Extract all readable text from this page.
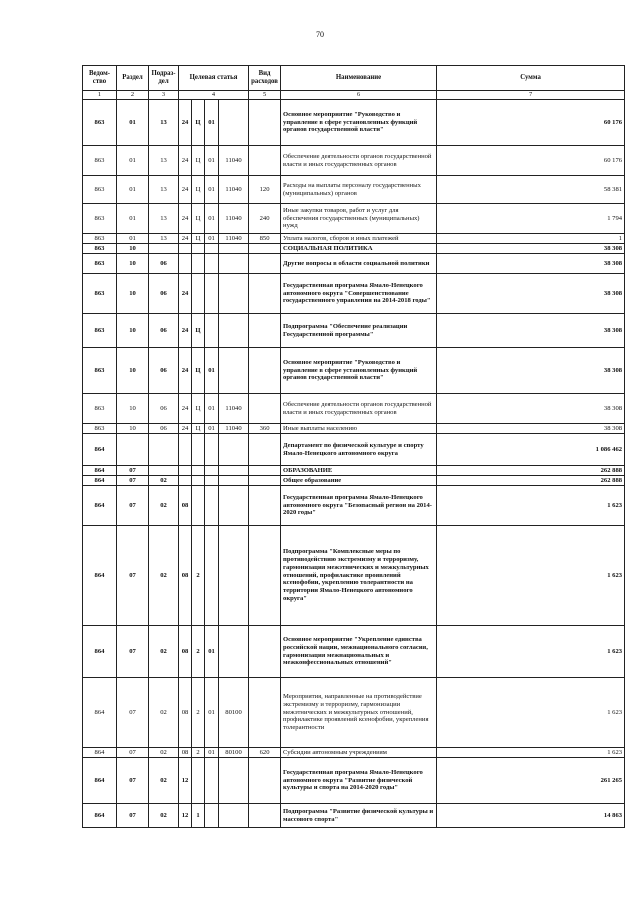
70
Ведом-ство	Раздел	Подраз-дел	Целевая статья				Вид расходов	Наименование	Сумма
1	2	3	4				5	6	7
863	01	13	24	Ц	01			Основное мероприятие "Руководство и управление в сфере установленных функций органов государственной власти"	60 176
863	01	13	24	Ц	01	11040		Обеспечение деятельности органов государственной власти и иных государственных органов	60 176
863	01	13	24	Ц	01	11040	120	Расходы на выплаты персоналу государственных (муниципальных) органов	58 381
863	01	13	24	Ц	01	11040	240	Иные закупки товаров, работ и услуг для обеспечения государственных (муниципальных) нужд	1 794
863	01	13	24	Ц	01	11040	850	Уплата налогов, сборов и иных платежей	1
863	10							СОЦИАЛЬНАЯ ПОЛИТИКА	38 308
863	10	06						Другие вопросы в области социальной политики	38 308
863	10	06	24					Государственная программа Ямало-Ненецкого автономного округа "Совершенствование государственного управления на 2014-2018 годы"	38 308
863	10	06	24	Ц				Подпрограмма "Обеспечение реализации Государственной программы"	38 308
863	10	06	24	Ц	01			Основное мероприятие "Руководство и управление в сфере установленных функций органов государственной власти"	38 308
863	10	06	24	Ц	01	11040		Обеспечение деятельности органов государственной власти и иных государственных органов	38 308
863	10	06	24	Ц	01	11040	360	Иные выплаты населению	38 308
864								Департамент по физической культуре и спорту Ямало-Ненецкого автономного округа	1 086 462
864	07							ОБРАЗОВАНИЕ	262 888
864	07	02						Общее образование	262 888
864	07	02	08					Государственная программа Ямало-Ненецкого автономного округа "Безопасный регион на 2014-2020 годы"	1 623
864	07	02	08	2				Подпрограмма "Комплексные меры по противодействию экстремизму и терроризму, гармонизация межэтнических и межкультурных отношений, профилактике проявлений ксенофобии, укреплению толерантности на территории Ямало-Ненецкого автономного округа"	1 623
864	07	02	08	2	01			Основное мероприятие "Укрепление единства российской нации, межнационального согласия, гармонизация межнациональных и межконфессиональных отношений"	1 623
864	07	02	08	2	01	80100		Мероприятия, направленные на противодействие экстремизму и терроризму, гармонизации межэтнических и межкультурных отношений, профилактике проявлений ксенофобии, укрепления толерантности	1 623
864	07	02	08	2	01	80100	620	Субсидии автономным учреждениям	1 623
864	07	02	12					Государственная программа Ямало-Ненецкого автономного округа "Развитие физической культуры и спорта на 2014-2020 годы"	261 265
864	07	02	12	1				Подпрограмма "Развитие физической культуры и массового спорта"	14 863
